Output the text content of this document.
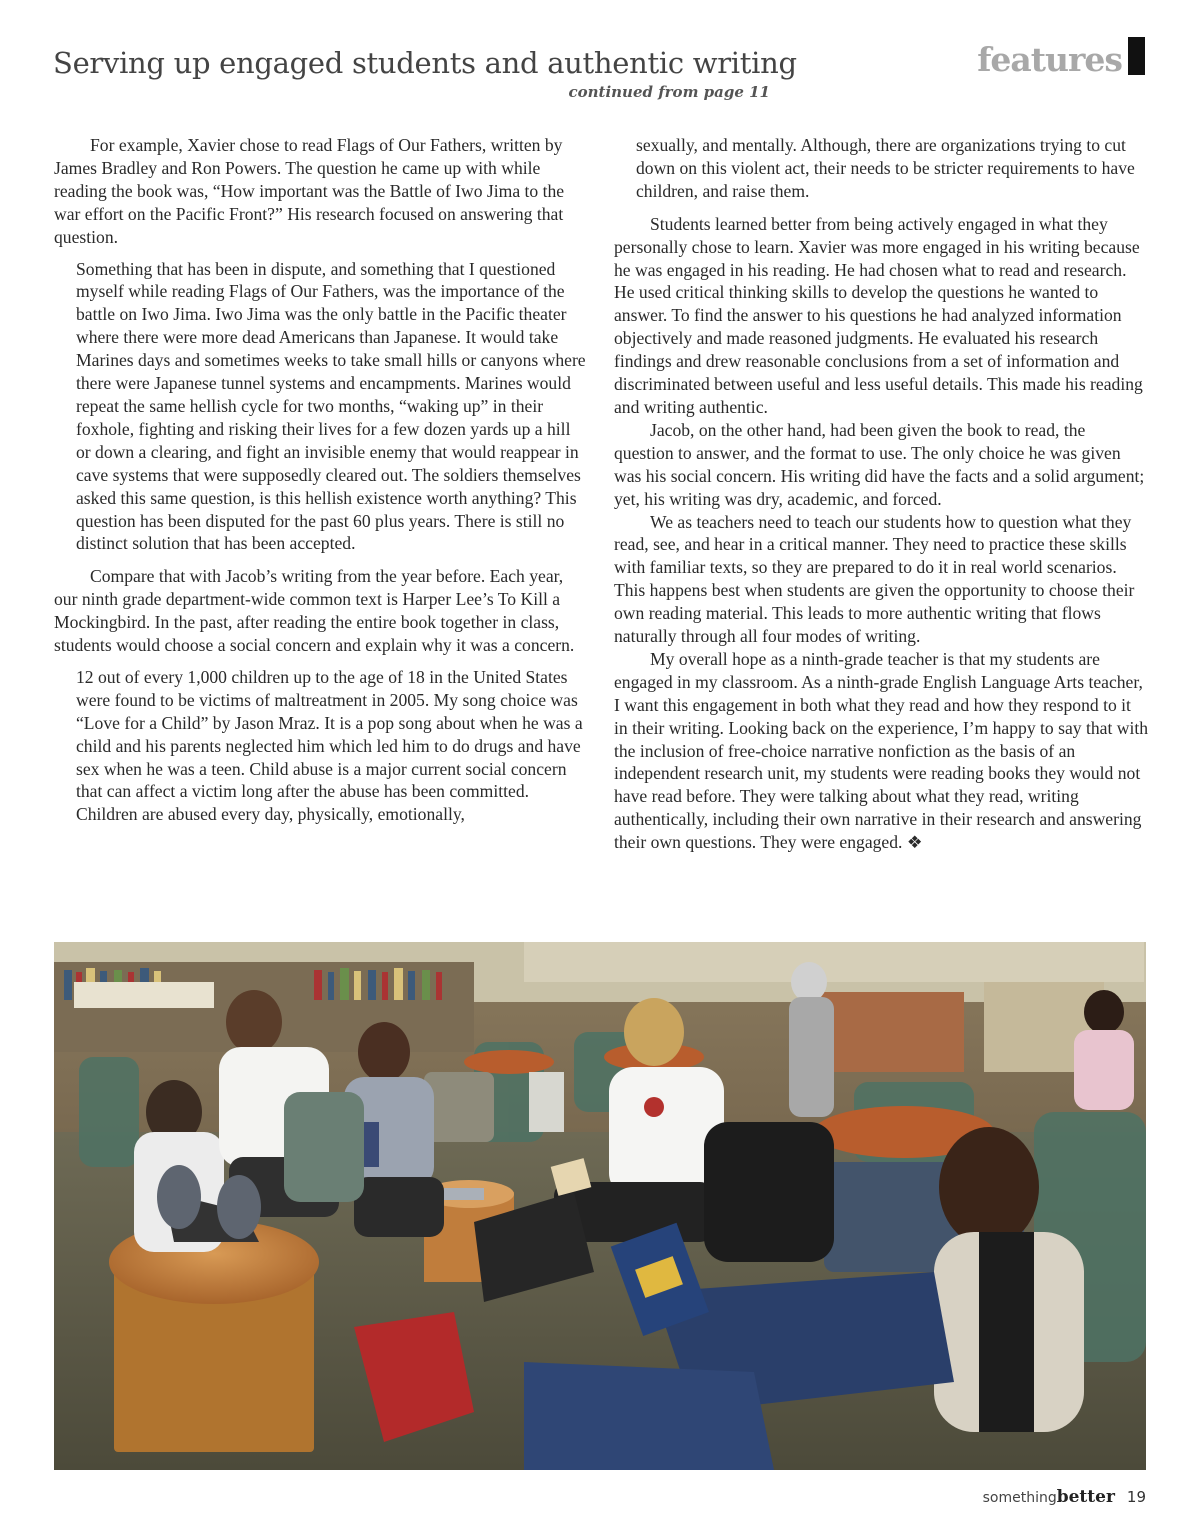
Serving up engaged students and authentic writing
continued from page 11
features

For example, Xavier chose to read Flags of Our Fathers, written by James Bradley and Ron Powers. The question he came up with while reading the book was, “How important was the Battle of Iwo Jima to the war effort on the Pacific Front?” His research focused on answering that question.

Something that has been in dispute, and something that I questioned myself while reading Flags of Our Fathers, was the importance of the battle on Iwo Jima. Iwo Jima was the only battle in the Pacific theater where there were more dead Americans than Japanese. It would take Marines days and sometimes weeks to take small hills or canyons where there were Japanese tunnel systems and encampments. Marines would repeat the same hellish cycle for two months, “waking up” in their foxhole, fighting and risking their lives for a few dozen yards up a hill or down a clearing, and fight an invisible enemy that would reappear in cave systems that were supposedly cleared out. The soldiers themselves asked this same question, is this hellish existence worth anything? This question has been disputed for the past 60 plus years. There is still no distinct solution that has been accepted.

Compare that with Jacob’s writing from the year before. Each year, our ninth grade department-wide common text is Harper Lee’s To Kill a Mockingbird. In the past, after reading the entire book together in class, students would choose a social concern and explain why it was a concern.

12 out of every 1,000 children up to the age of 18 in the United States were found to be victims of maltreatment in 2005. My song choice was “Love for a Child” by Jason Mraz. It is a pop song about when he was a child and his parents neglected him which led him to do drugs and have sex when he was a teen. Child abuse is a major current social concern that can affect a victim long after the abuse has been committed. Children are abused every day, physically, emotionally,
sexually, and mentally. Although, there are organizations trying to cut down on this violent act, their needs to be stricter requirements to have children, and raise them.

Students learned better from being actively engaged in what they personally chose to learn. Xavier was more engaged in his writing because he was engaged in his reading. He had chosen what to read and research. He used critical thinking skills to develop the questions he wanted to answer. To find the answer to his questions he had analyzed information objectively and made reasoned judgments. He evaluated his research findings and drew reasonable conclusions from a set of information and discriminated between useful and less useful details. This made his reading and writing authentic.

Jacob, on the other hand, had been given the book to read, the question to answer, and the format to use. The only choice he was given was his social concern. His writing did have the facts and a solid argument; yet, his writing was dry, academic, and forced.

We as teachers need to teach our students how to question what they read, see, and hear in a critical manner. They need to practice these skills with familiar texts, so they are prepared to do it in real world scenarios. This happens best when students are given the opportunity to choose their own reading material. This leads to more authentic writing that flows naturally through all four modes of writing.

My overall hope as a ninth-grade teacher is that my students are engaged in my classroom. As a ninth-grade English Language Arts teacher, I want this engagement in both what they read and how they respond to it in their writing. Looking back on the experience, I’m happy to say that with the inclusion of free-choice narrative nonfiction as the basis of an independent research unit, my students were reading books they would not have read before. They were talking about what they read, writing authentically, including their own narrative in their research and answering their own questions. They were engaged. ❖

somethingbetter 19
